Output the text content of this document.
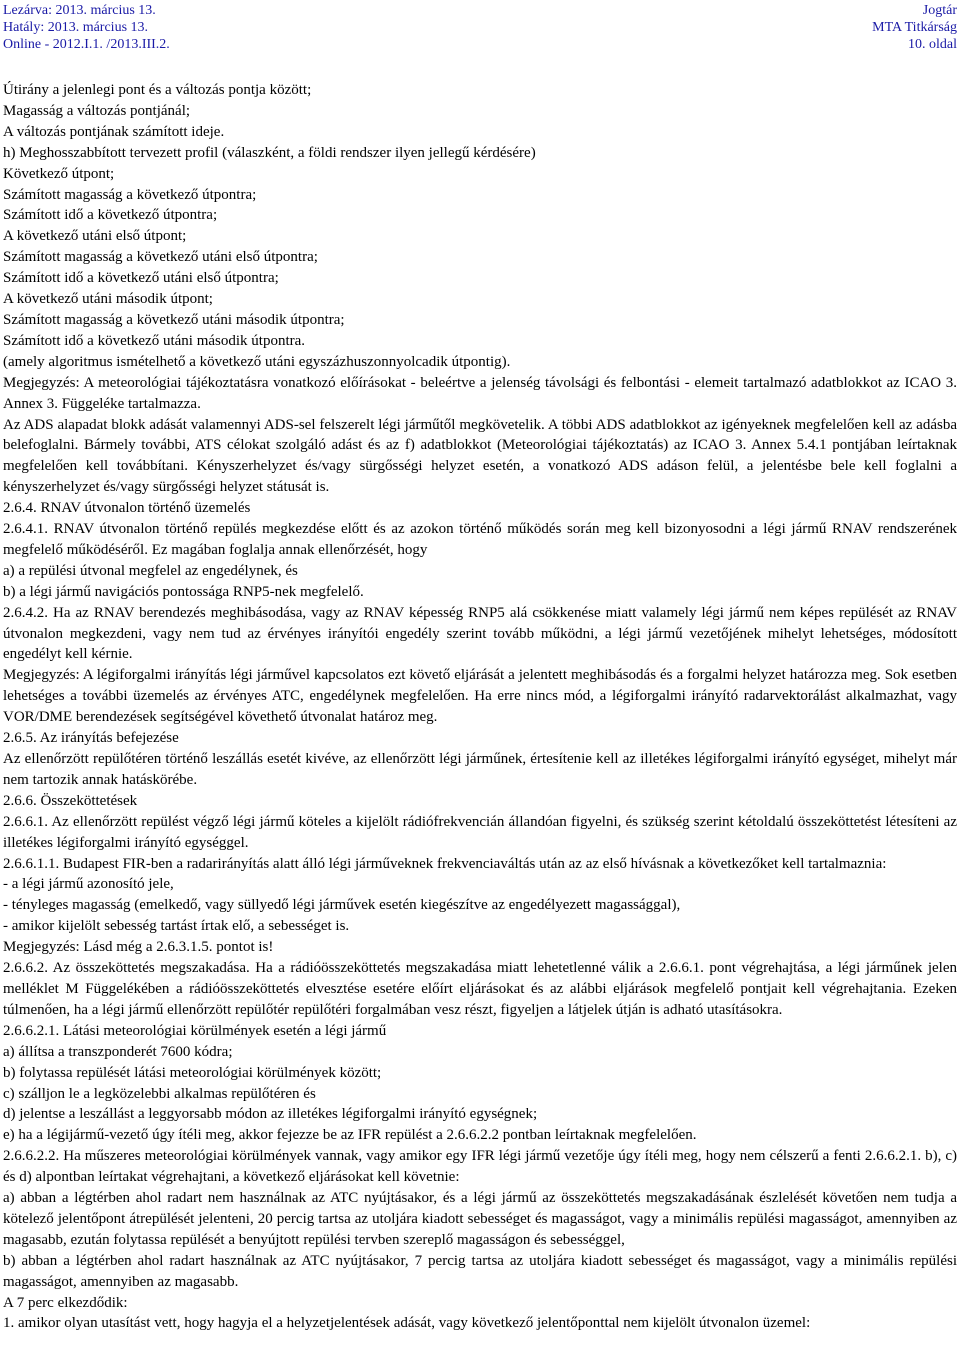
Lezárva: 2013. március 13.
Hatály: 2013. március 13.
Online - 2012.I.1. /2013.III.2.
Jogtár
MTA Titkárság
10. oldal

Útirány a jelenlegi pont és a változás pontja között;

Magasság a változás pontjánál;

A változás pontjának számított ideje.

h) Meghosszabbított tervezett profil (válaszként, a földi rendszer ilyen jellegű kérdésére)

Következő útpont;

Számított magasság a következő útpontra;

Számított idő a következő útpontra;

A következő utáni első útpont;

Számított magasság a következő utáni első útpontra;

Számított idő a következő utáni első útpontra;

A következő utáni második útpont;

Számított magasság a következő utáni második útpontra;

Számított idő a következő utáni második útpontra.

(amely algoritmus ismételhető a következő utáni egyszázhuszonnyolcadik útpontig).

Megjegyzés: A meteorológiai tájékoztatásra vonatkozó előírásokat - beleértve a jelenség távolsági és felbontási - elemeit tartalmazó adatblokkot az ICAO 3. Annex 3. Függeléke tartalmazza.

Az ADS alapadat blokk adását valamennyi ADS-sel felszerelt légi járműtől megkövetelik. A többi ADS adatblokkot az igényeknek megfelelően kell az adásba belefoglalni. Bármely további, ATS célokat szolgáló adást és az f) adatblokkot (Meteorológiai tájékoztatás) az ICAO 3. Annex 5.4.1 pontjában leírtaknak megfelelően kell továbbítani. Kényszerhelyzet és/vagy sürgősségi helyzet esetén, a vonatkozó ADS adáson felül, a jelentésbe bele kell foglalni a kényszerhelyzet és/vagy sürgősségi helyzet státusát is.

2.6.4. RNAV útvonalon történő üzemelés

2.6.4.1. RNAV útvonalon történő repülés megkezdése előtt és az azokon történő működés során meg kell bizonyosodni a légi jármű RNAV rendszerének megfelelő működéséről. Ez magában foglalja annak ellenőrzését, hogy

a) a repülési útvonal megfelel az engedélynek, és

b) a légi jármű navigációs pontossága RNP5-nek megfelelő.

2.6.4.2. Ha az RNAV berendezés meghibásodása, vagy az RNAV képesség RNP5 alá csökkenése miatt valamely légi jármű nem képes repülését az RNAV útvonalon megkezdeni, vagy nem tud az érvényes irányítói engedély szerint tovább működni, a légi jármű vezetőjének mihelyt lehetséges, módosított engedélyt kell kérnie.

Megjegyzés: A légiforgalmi irányítás légi járművel kapcsolatos ezt követő eljárását a jelentett meghibásodás és a forgalmi helyzet határozza meg. Sok esetben lehetséges a további üzemelés az érvényes ATC, engedélynek megfelelően. Ha erre nincs mód, a légiforgalmi irányító radarvektorálást alkalmazhat, vagy VOR/DME berendezések segítségével követhető útvonalat határoz meg.

2.6.5. Az irányítás befejezése

Az ellenőrzött repülőtéren történő leszállás esetét kivéve, az ellenőrzött légi járműnek, értesítenie kell az illetékes légiforgalmi irányító egységet, mihelyt már nem tartozik annak hatáskörébe.

2.6.6. Összeköttetések

2.6.6.1. Az ellenőrzött repülést végző légi jármű köteles a kijelölt rádiófrekvencián állandóan figyelni, és szükség szerint kétoldalú összeköttetést létesíteni az illetékes légiforgalmi irányító egységgel.

2.6.6.1.1. Budapest FIR-ben a radarirányítás alatt álló légi járműveknek frekvenciaváltás után az az első hívásnak a következőket kell tartalmaznia:

- a légi jármű azonosító jele,

- tényleges magasság (emelkedő, vagy süllyedő légi járművek esetén kiegészítve az engedélyezett magassággal),

- amikor kijelölt sebesség tartást írtak elő, a sebességet is.

Megjegyzés: Lásd még a 2.6.3.1.5. pontot is!

2.6.6.2. Az összeköttetés megszakadása. Ha a rádióösszeköttetés megszakadása miatt lehetetlenné válik a 2.6.6.1. pont végrehajtása, a légi járműnek jelen melléklet M Függelékében a rádióösszeköttetés elvesztése esetére előírt eljárásokat és az alábbi eljárások megfelelő pontjait kell végrehajtania. Ezeken túlmenően, ha a légi jármű ellenőrzött repülőtér repülőtéri forgalmában vesz részt, figyeljen a látjelek útján is adható utasításokra.

2.6.6.2.1. Látási meteorológiai körülmények esetén a légi jármű

a) állítsa a transzponderét 7600 kódra;

b) folytassa repülését látási meteorológiai körülmények között;

c) szálljon le a legközelebbi alkalmas repülőtéren és

d) jelentse a leszállást a leggyorsabb módon az illetékes légiforgalmi irányító egységnek;

e) ha a légijármű-vezető úgy ítéli meg, akkor fejezze be az IFR repülést a 2.6.6.2.2 pontban leírtaknak megfelelően.

2.6.6.2.2. Ha műszeres meteorológiai körülmények vannak, vagy amikor egy IFR légi jármű vezetője úgy ítéli meg, hogy nem célszerű a fenti 2.6.6.2.1. b), c) és d) alpontban leírtakat végrehajtani, a következő eljárásokat kell követnie:

a) abban a légtérben ahol radart nem használnak az ATC nyújtásakor, és a légi jármű az összeköttetés megszakadásának észlelését követően nem tudja a kötelező jelentőpont átrepülését jelenteni, 20 percig tartsa az utoljára kiadott sebességet és magasságot, vagy a minimális repülési magasságot, amennyiben az magasabb, ezután folytassa repülését a benyújtott repülési tervben szereplő magasságon és sebességgel,

b) abban a légtérben ahol radart használnak az ATC nyújtásakor, 7 percig tartsa az utoljára kiadott sebességet és magasságot, vagy a minimális repülési magasságot, amennyiben az magasabb.

A 7 perc elkezdődik:

1. amikor olyan utasítást vett, hogy hagyja el a helyzetjelentések adását, vagy következő jelentőponttal nem kijelölt útvonalon üzemel:
